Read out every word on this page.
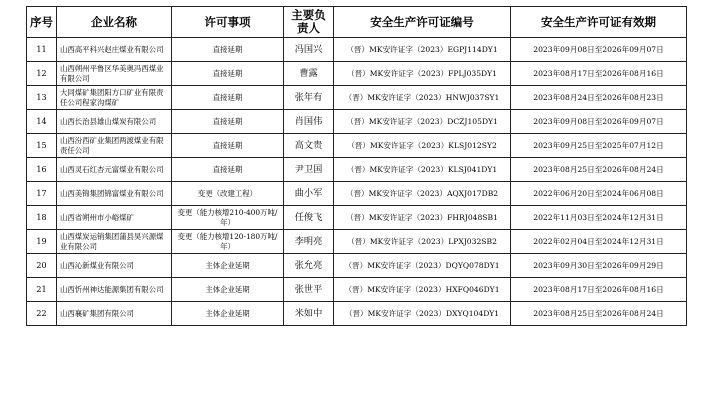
序号	企业名称	许可事项	主要负责人	安全生产许可证编号	安全生产许可证有效期
11	山西高平科兴赵庄煤业有限公司	直接延期	冯国兴	（晋）MK安许证字（2023）EGPJ114DY1	2023年09月08日至2026年09月07日
12	山西朔州平鲁区华美奥冯西煤业有限公司	直接延期	曹露	（晋）MK安许证字（2023）FPLJ035DY1	2023年08月17日至2026年08月16日
13	大同煤矿集团阳方口矿业有限责任公司程家沟煤矿	直接延期	张年有	（晋）MK安许证字（2023）HNWJ037SY1	2023年08月24日至2026年08月23日
14	山西长治县雄山煤炭有限公司	直接延期	肖国伟	（晋）MK安许证字（2023）DCZJ105DY1	2023年09月08日至2026年09月07日
15	山西汾西矿业集团两渡煤业有限责任公司	直接延期	高文贵	（晋）MK安许证字（2023）KLSJ012SY2	2023年09月25日至2025年07月12日
16	山西灵石红杏元富煤业有限公司	直接延期	尹卫国	（晋）MK安许证字（2023）KLSJ041DY1	2023年08月25日至2026年08月24日
17	山西美锦集团锦富煤业有限公司	变更（改建工程）	曲小军	（晋）MK安许证字（2023）AQXJ017DB2	2022年06月20日至2024年06月08日
18	山西省朔州市小峪煤矿	变更（能力核增210-400万吨/年）	任俊飞	（晋）MK安许证字（2023）FHRJ048SB1	2022年11月03日至2024年12月31日
19	山西煤炭运销集团蒲县昊兴源煤业有限公司	变更（能力核增120-180万吨/年）	李明亮	（晋）MK安许证字（2023）LPXJ032SB2	2022年02月04日至2024年12月31日
20	山西沁新煤业有限公司	主体企业延期	张允亮	（晋）MK安许证字（2023）DQYQ078DY1	2023年09月30日至2026年09月29日
21	山西忻州神达能源集团有限公司	主体企业延期	张世平	（晋）MK安许证字（2023）HXFQ046DY1	2023年08月17日至2026年08月16日
22	山西襄矿集团有限公司	主体企业延期	米如中	（晋）MK安许证字（2023）DXYQ104DY1	2023年08月25日至2026年08月24日
